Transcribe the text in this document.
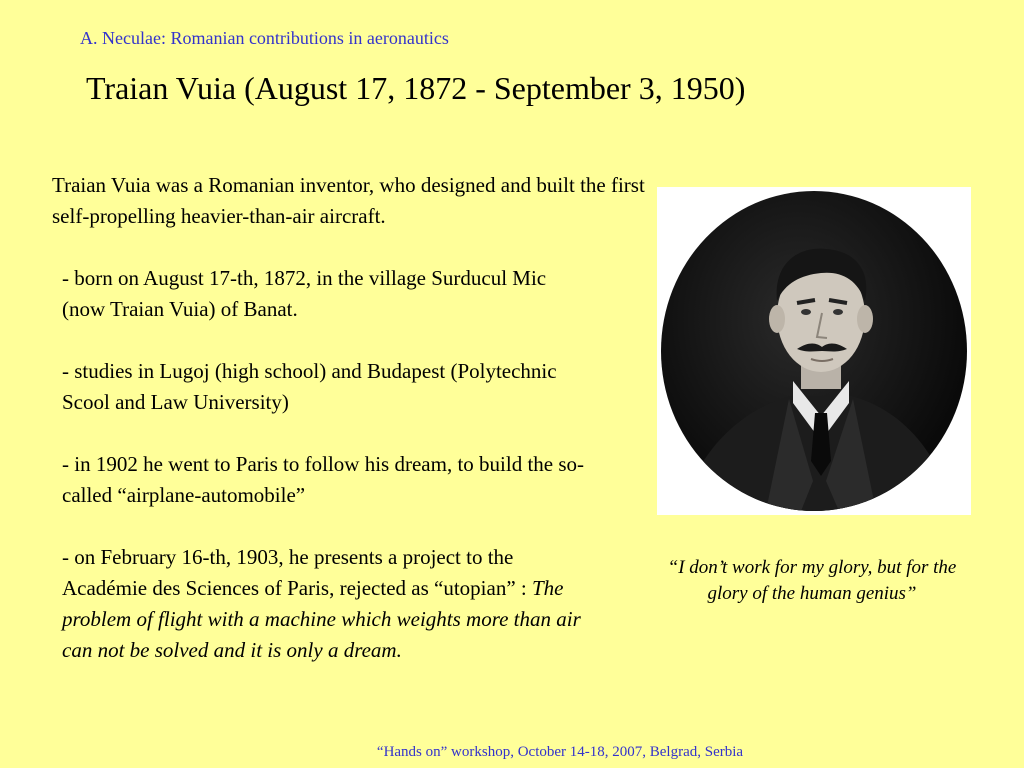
A. Neculae: Romanian contributions in aeronautics
Traian Vuia (August 17, 1872 - September 3, 1950)

Traian Vuia was a Romanian inventor, who designed and built the first self-propelling heavier-than-air aircraft.

- born on August 17-th, 1872, in the village Surducul Mic (now Traian Vuia) of Banat.

- studies in Lugoj (high school) and Budapest (Polytechnic Scool and Law University)

- in 1902 he went to Paris to follow his dream, to build the so-called “airplane-automobile”

- on February 16-th, 1903, he presents a project to the Académie des Sciences of Paris, rejected as “utopian” : The problem of flight with a machine which weights more than air can not be solved and it is only a dream.

“I don’t work for my glory, but for the glory of the human genius”

“Hands on” workshop, October 14-18, 2007, Belgrad, Serbia
